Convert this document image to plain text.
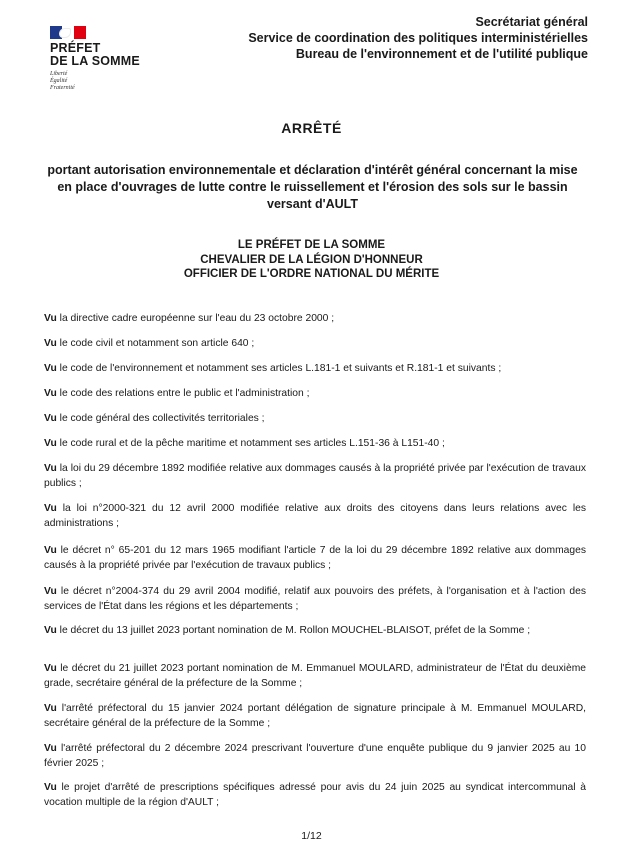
PRÉFET
DE LA SOMME
Liberté
Égalité
Fraternité
Secrétariat général
Service de coordination des politiques interministérielles
Bureau de l'environnement et de l'utilité publique
ARRÊTÉ
portant autorisation environnementale et déclaration d'intérêt général concernant la mise en place d'ouvrages de lutte contre le ruissellement et l'érosion des sols sur le bassin versant d'AULT
LE PRÉFET DE LA SOMME
CHEVALIER DE LA LÉGION D'HONNEUR
OFFICIER DE L'ORDRE NATIONAL DU MÉRITE
Vu la directive cadre européenne sur l'eau du 23 octobre 2000 ;
Vu le code civil et notamment son article 640 ;
Vu le code de l'environnement et notamment ses articles L.181-1 et suivants et R.181-1 et suivants ;
Vu le code des relations entre le public et l'administration ;
Vu le code général des collectivités territoriales ;
Vu le code rural et de la pêche maritime et notamment ses articles L.151-36 à L151-40 ;
Vu la loi du 29 décembre 1892 modifiée relative aux dommages causés à la propriété privée par l'exécution de travaux publics ;
Vu la loi n°2000-321 du 12 avril 2000 modifiée relative aux droits des citoyens dans leurs relations avec les administrations ;
Vu le décret n° 65-201 du 12 mars 1965 modifiant l'article 7 de la loi du 29 décembre 1892 relative aux dommages causés à la propriété privée par l'exécution de travaux publics ;
Vu le décret n°2004-374 du 29 avril 2004 modifié, relatif aux pouvoirs des préfets, à l'organisation et à l'action des services de l'État dans les régions et les départements ;
Vu le décret du 13 juillet 2023 portant nomination de M. Rollon MOUCHEL-BLAISOT, préfet de la Somme ;
Vu le décret du 21 juillet 2023 portant nomination de M. Emmanuel MOULARD, administrateur de l'État du deuxième grade, secrétaire général de la préfecture de la Somme ;
Vu l'arrêté préfectoral du 15 janvier 2024 portant délégation de signature principale à M. Emmanuel MOULARD, secrétaire général de la préfecture de la Somme ;
Vu l'arrêté préfectoral du 2 décembre 2024 prescrivant l'ouverture d'une enquête publique du 9 janvier 2025 au 10 février 2025 ;
Vu le projet d'arrêté de prescriptions spécifiques adressé pour avis du 24 juin 2025 au syndicat intercommunal à vocation multiple de la région d'AULT ;
1/12
